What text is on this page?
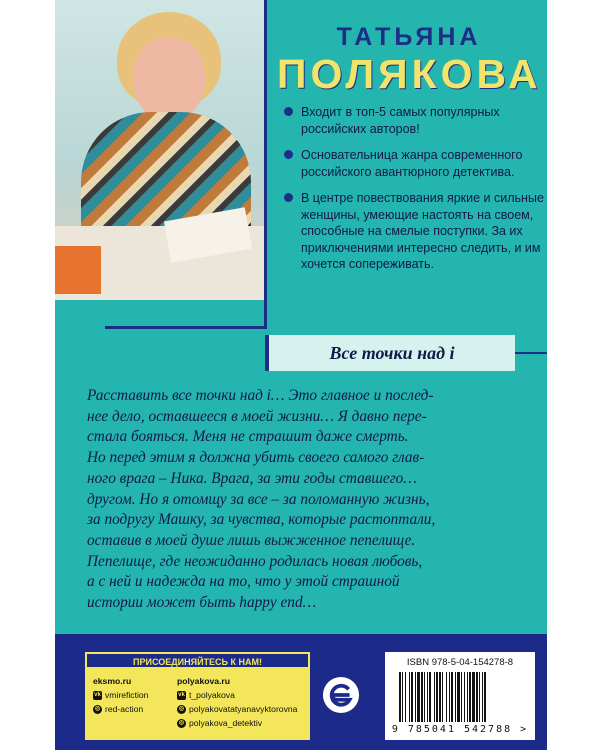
ТАТЬЯНА
ПОЛЯКОВА
Входит в топ-5 самых популярных российских авторов!
Основательница жанра современного российского авантюрного детектива.
В центре повествования яркие и сильные женщины, умеющие настоять на своем, способные на смелые поступки. За их приключениями интересно следить, и им хочется сопереживать.
Все точки над i
Расставить все точки над i… Это главное и послед-
нее дело, оставшееся в моей жизни… Я давно пере-
стала бояться. Меня не страшит даже смерть.
Но перед этим я должна убить своего самого глав-
ного врага – Ника. Врага, за эти годы ставшего…
другом. Но я отомщу за все – за поломанную жизнь,
за подругу Машку, за чувства, которые растоптали,
оставив в моей душе лишь выжженное пепелище.
Пепелище, где неожиданно родилась новая любовь,
а с ней и надежда на то, что у этой страшной
истории может быть happy end…
ПРИСОЕДИНЯЙТЕСЬ К НАМ!
eksmo.ru
vk vmirefiction
◎ red-action
polyakova.ru
vk t_polyakova
◎ polyakovatatyanavyktorovna
◎ polyakova_detektiv
ISBN 978-5-04-154278-8
9 785041 542788 >
